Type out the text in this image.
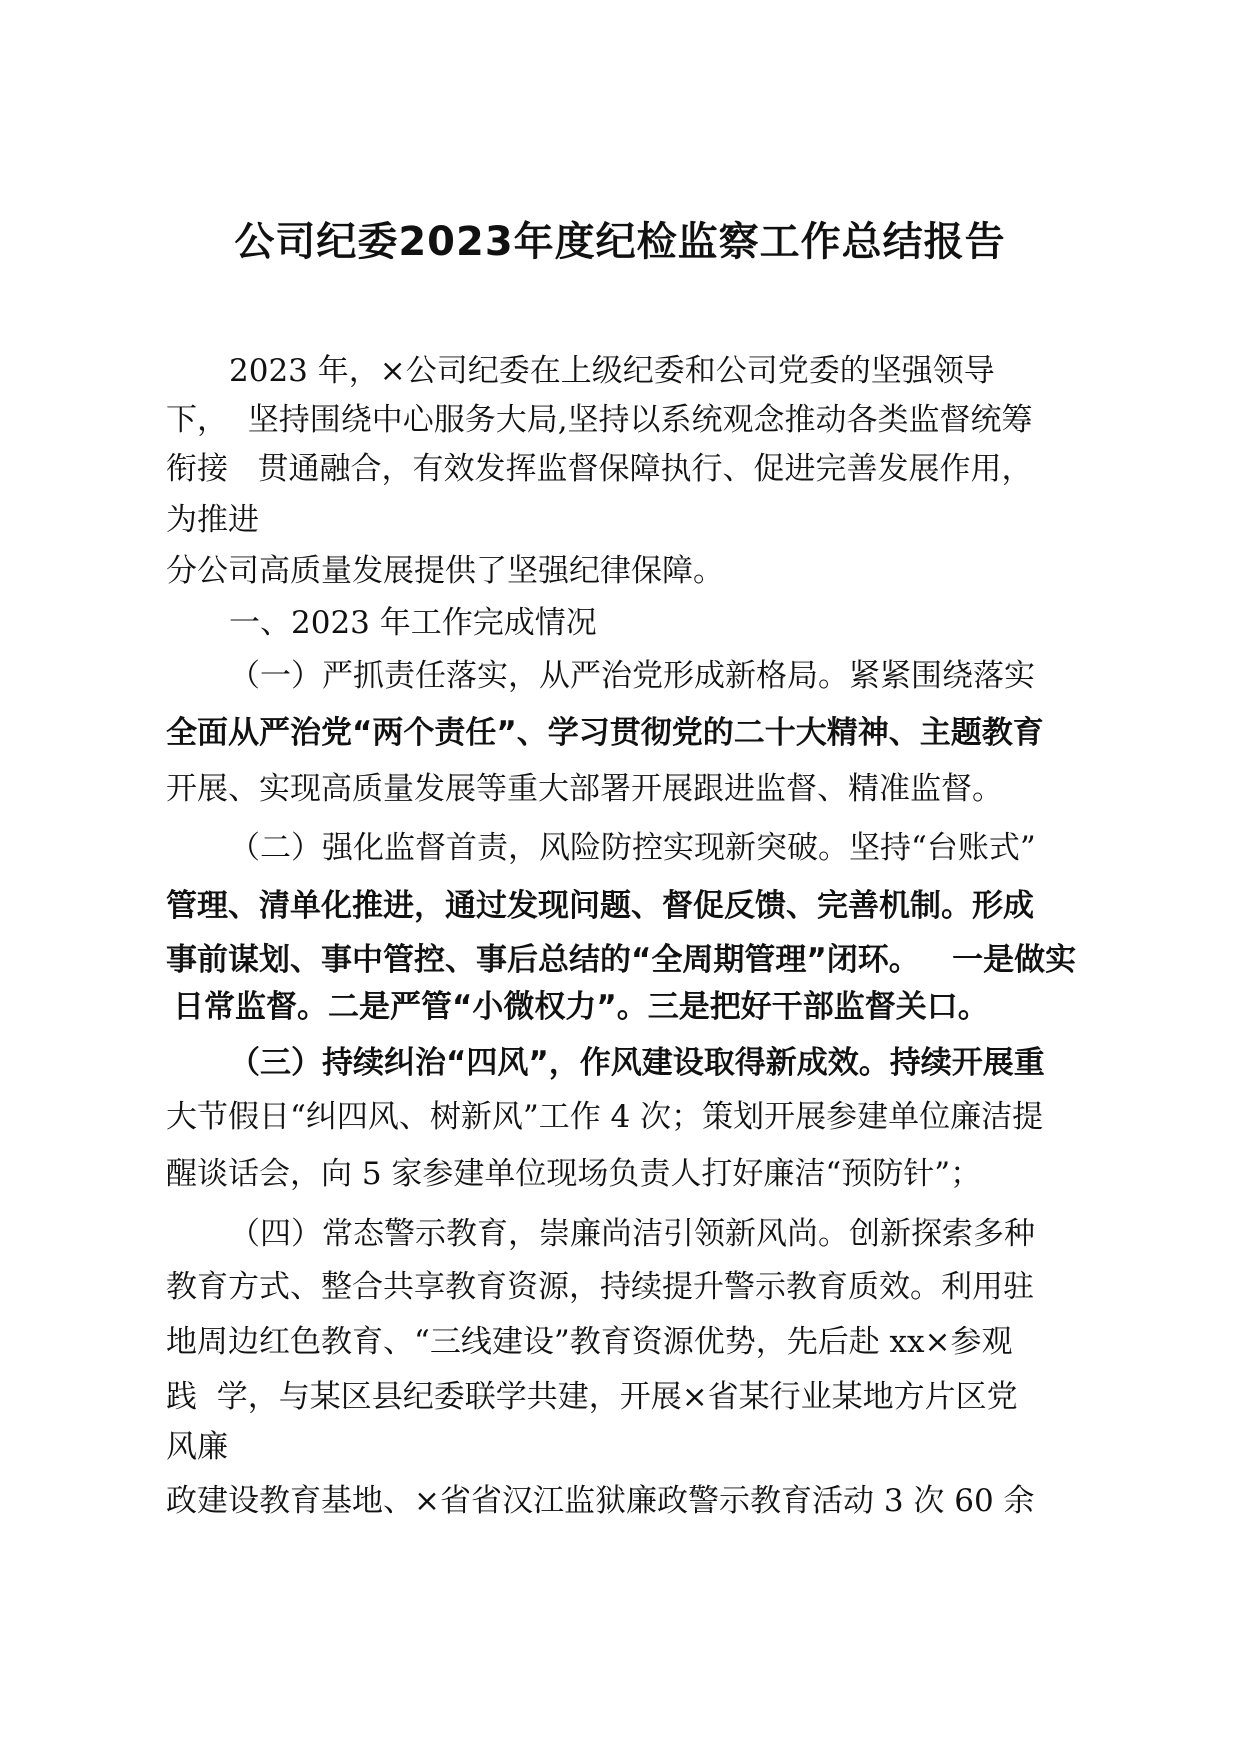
公司纪委2023年度纪检监察工作总结报告
2023 年，×公司纪委在上级纪委和公司党委的坚强领导
下，  坚持围绕中心服务大局,坚持以系统观念推动各类监督统筹
衔接   贯通融合，有效发挥监督保障执行、促进完善发展作用，
为推进
分公司高质量发展提供了坚强纪律保障。
一、2023 年工作完成情况
（一）严抓责任落实，从严治党形成新格局。紧紧围绕落实
全面从严治党“两个责任”、学习贯彻党的二十大精神、主题教育
开展、实现高质量发展等重大部署开展跟进监督、精准监督。
（二）强化监督首责，风险防控实现新突破。坚持“台账式”
管理、清单化推进，通过发现问题、督促反馈、完善机制。形成
事前谋划、事中管控、事后总结的“全周期管理”闭环。   一是做实
日常监督。二是严管“小微权力”。三是把好干部监督关口。
（三）持续纠治“四风”，作风建设取得新成效。持续开展重
大节假日“纠四风、树新风”工作 4 次；策划开展参建单位廉洁提
醒谈话会，向 5 家参建单位现场负责人打好廉洁“预防针”；
（四）常态警示教育，崇廉尚洁引领新风尚。创新探索多种
教育方式、整合共享教育资源，持续提升警示教育质效。利用驻
地周边红色教育、“三线建设”教育资源优势，先后赴 xx×参观
践  学，与某区县纪委联学共建，开展×省某行业某地方片区党
风廉
政建设教育基地、×省省汉江监狱廉政警示教育活动 3 次 60 余
